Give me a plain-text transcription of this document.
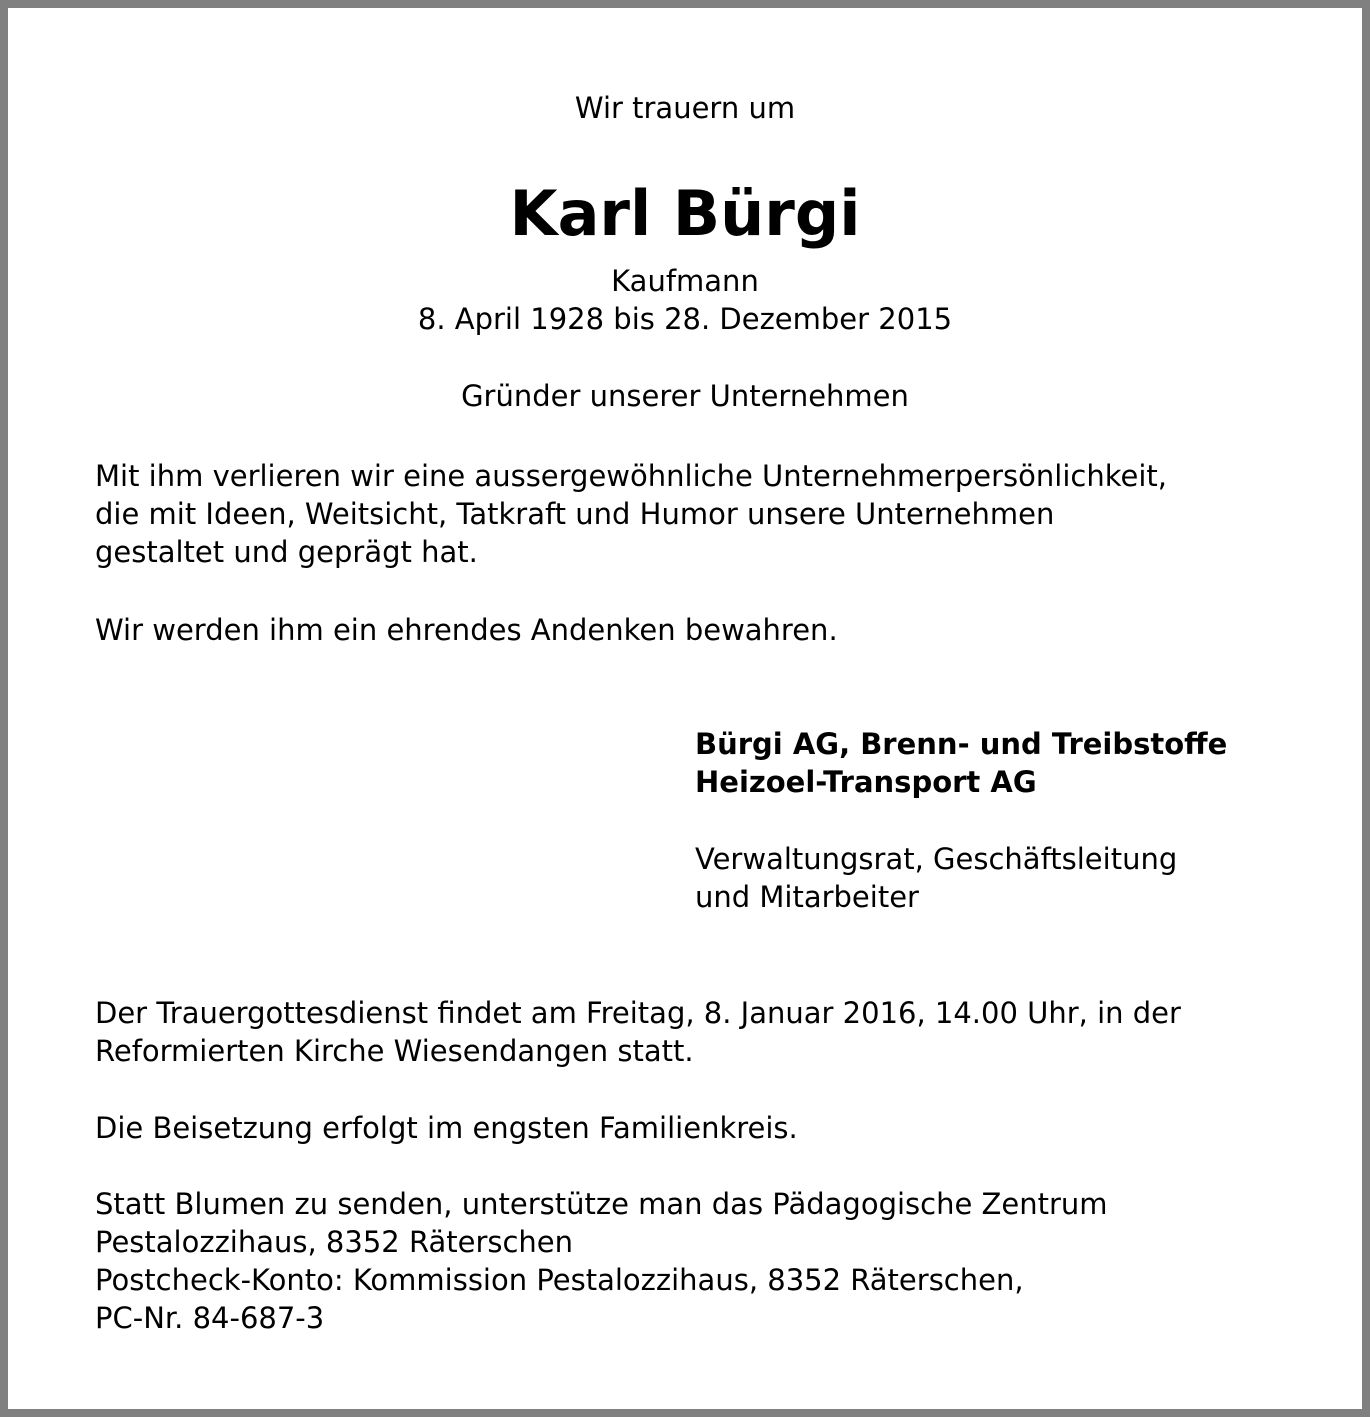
Wir trauern um

Karl Bürgi

Kaufmann

8. April 1928 bis 28. Dezember 2015

Gründer unserer Unternehmen

Mit ihm verlieren wir eine aussergewöhnliche Unternehmerpersönlichkeit,
die mit Ideen, Weitsicht, Tatkraft und Humor unsere Unternehmen
gestaltet und geprägt hat.

Wir werden ihm ein ehrendes Andenken bewahren.

Bürgi AG, Brenn- und Treibstoffe
Heizoel-Transport AG
Verwaltungsrat, Geschäftsleitung
und Mitarbeiter
Der Trauergottesdienst findet am Freitag, 8. Januar 2016, 14.00 Uhr, in der
Reformierten Kirche Wiesendangen statt.

Die Beisetzung erfolgt im engsten Familienkreis.

Statt Blumen zu senden, unterstütze man das Pädagogische Zentrum
Pestalozzihaus, 8352 Räterschen
Postcheck-Konto: Kommission Pestalozzihaus, 8352 Räterschen,
PC-Nr. 84-687-3
